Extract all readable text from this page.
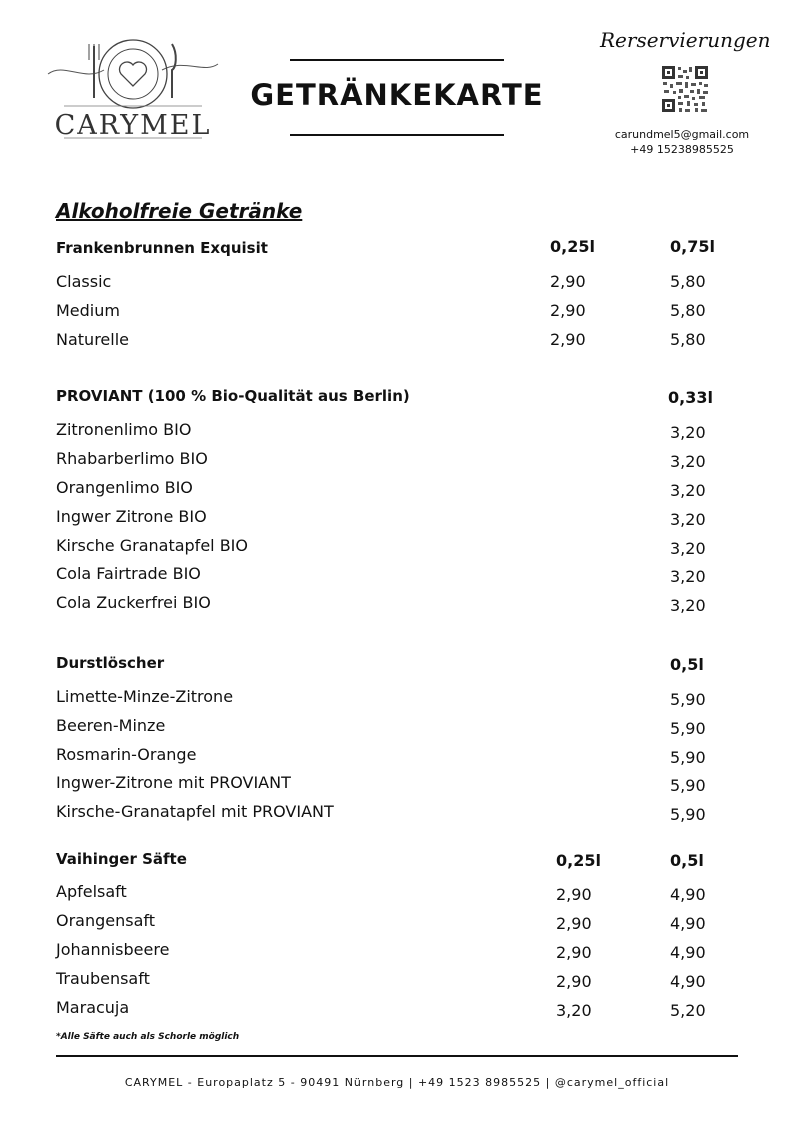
CARYMEL
GETRÄNKEKARTE
Rerservierungen
carundmel5@gmail.com
+49 15238985525
Alkoholfreie Getränke
Frankenbrunnen Exquisit	0,25l	0,75l
Classic	2,90	5,80
Medium	2,90	5,80
Naturelle	2,90	5,80
PROVIANT (100 % Bio-Qualität aus Berlin)	0,33l
Zitronenlimo BIO	3,20
Rhabarberlimo BIO	3,20
Orangenlimo BIO	3,20
Ingwer Zitrone BIO	3,20
Kirsche Granatapfel BIO	3,20
Cola Fairtrade BIO	3,20
Cola Zuckerfrei BIO	3,20
Durstlöscher	0,5l
Limette-Minze-Zitrone	5,90
Beeren-Minze	5,90
Rosmarin-Orange	5,90
Ingwer-Zitrone mit PROVIANT	5,90
Kirsche-Granatapfel mit PROVIANT	5,90
Vaihinger Säfte	0,25l	0,5l
Apfelsaft	2,90	4,90
Orangensaft	2,90	4,90
Johannisbeere	2,90	4,90
Traubensaft	2,90	4,90
Maracuja	3,20	5,20
*Alle Säfte auch als Schorle möglich
CARYMEL - Europaplatz 5 - 90491 Nürnberg | +49 1523 8985525 | @carymel_official
